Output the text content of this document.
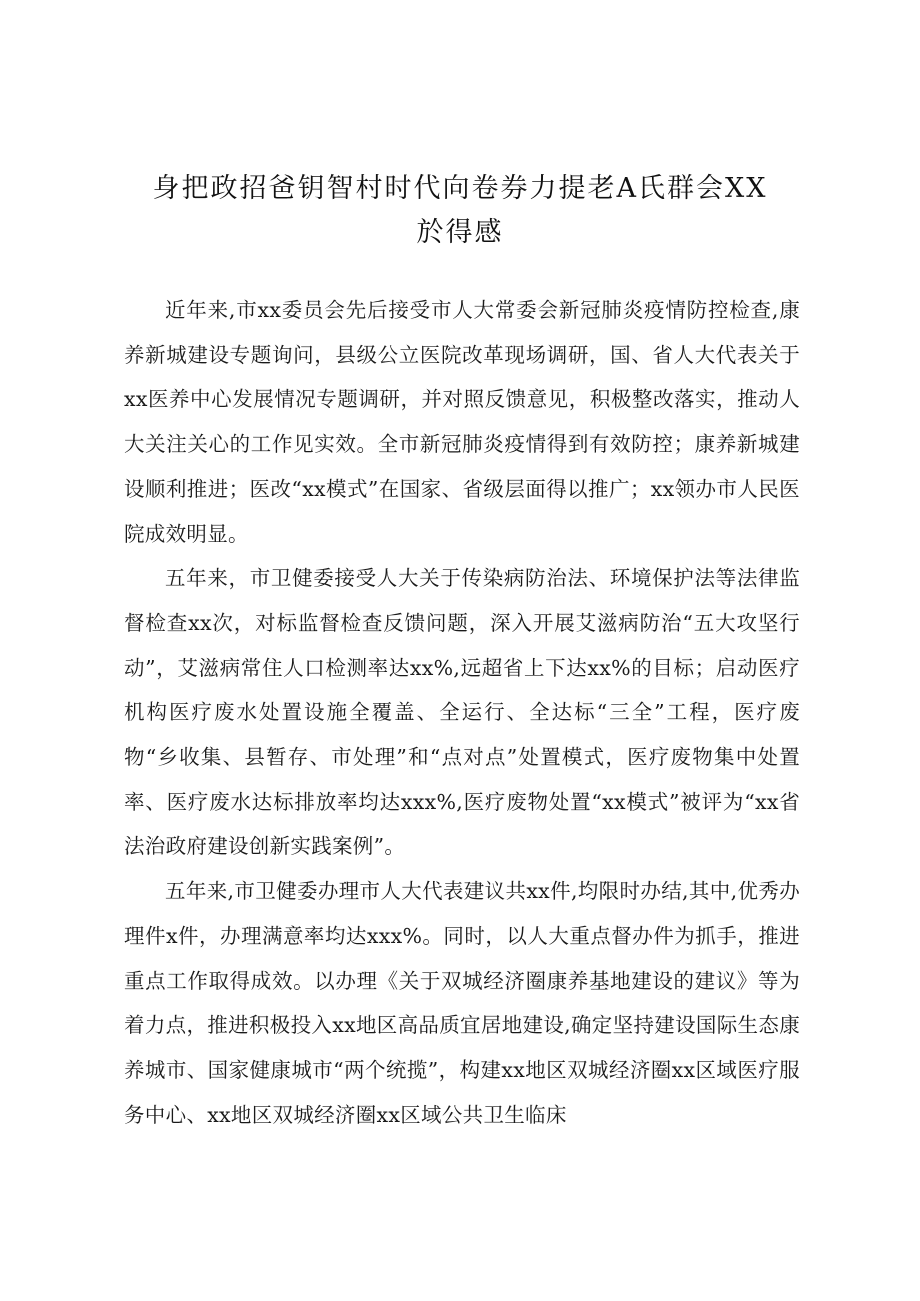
身把政招爸钥智村时代向卷券力提老A氏群会XX
於得感

近年来,市xx委员会先后接受市人大常委会新冠肺炎疫情防控检查,康养新城建设专题询问，县级公立医院改革现场调研，国、省人大代表关于xx医养中心发展情况专题调研，并对照反馈意见，积极整改落实，推动人大关注关心的工作见实效。全市新冠肺炎疫情得到有效防控；康养新城建设顺利推进；医改“xx模式”在国家、省级层面得以推广；xx领办市人民医院成效明显。

五年来，市卫健委接受人大关于传染病防治法、环境保护法等法律监督检查xx次，对标监督检查反馈问题，深入开展艾滋病防治“五大攻坚行动”，艾滋病常住人口检测率达xx%,远超省上下达xx%的目标；启动医疗机构医疗废水处置设施全覆盖、全运行、全达标“三全”工程，医疗废物“乡收集、县暂存、市处理”和“点对点”处置模式，医疗废物集中处置率、医疗废水达标排放率均达xxx%,医疗废物处置“xx模式”被评为“xx省法治政府建设创新实践案例”。

五年来,市卫健委办理市人大代表建议共xx件,均限时办结,其中,优秀办理件x件，办理满意率均达xxx%。同时，以人大重点督办件为抓手，推进重点工作取得成效。以办理《关于双城经济圈康养基地建设的建议》等为着力点，推进积极投入xx地区高品质宜居地建设,确定坚持建设国际生态康养城市、国家健康城市“两个统揽”，构建xx地区双城经济圈xx区域医疗服务中心、xx地区双城经济圈xx区域公共卫生临床
